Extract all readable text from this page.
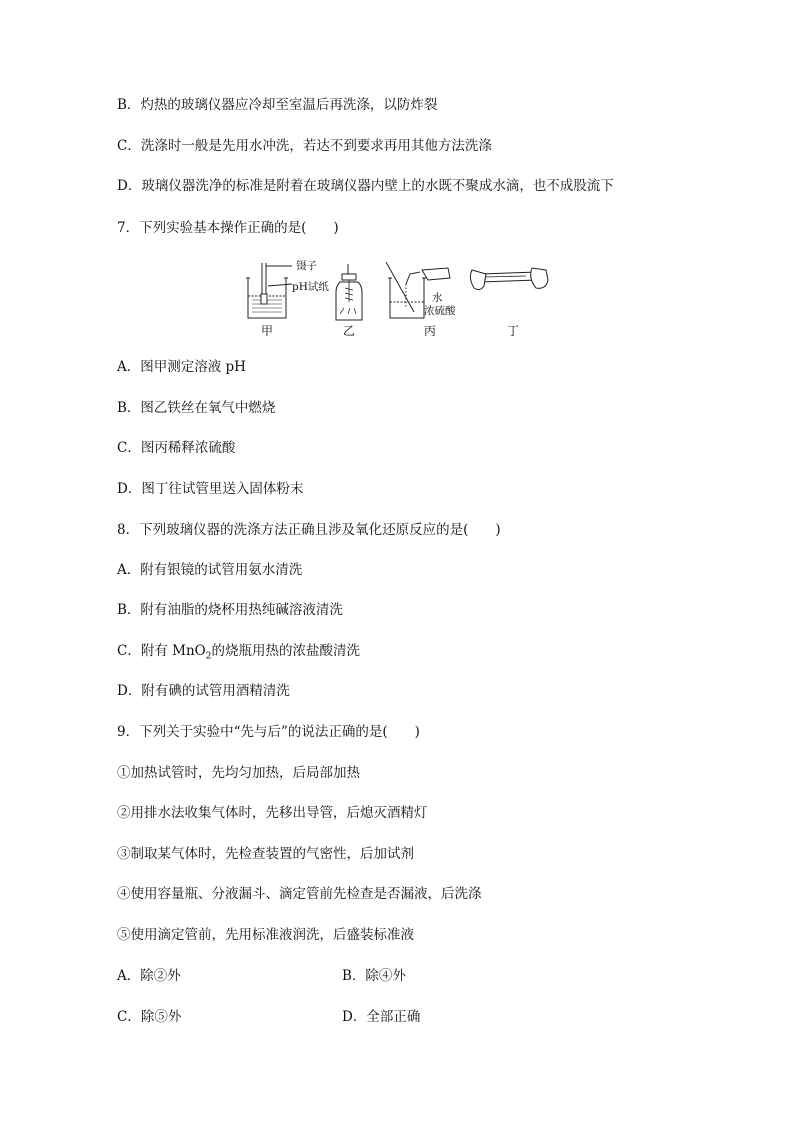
B．灼热的玻璃仪器应冷却至室温后再洗涤，以防炸裂
C．洗涤时一般是先用水冲洗，若达不到要求再用其他方法洗涤
D．玻璃仪器洗净的标准是附着在玻璃仪器内壁上的水既不聚成水滴，也不成股流下
7．下列实验基本操作正确的是(　　)
镊子
pH试纸
水
浓硫酸
甲	乙	丙	丁
A．图甲测定溶液 pH
B．图乙铁丝在氧气中燃烧
C．图丙稀释浓硫酸
D．图丁往试管里送入固体粉末
8．下列玻璃仪器的洗涤方法正确且涉及氧化还原反应的是(　　)
A．附有银镜的试管用氨水清洗
B．附有油脂的烧杯用热纯碱溶液清洗
C．附有 MnO$_2$的烧瓶用热的浓盐酸清洗
D．附有碘的试管用酒精清洗
9．下列关于实验中“先与后”的说法正确的是(　　)
①加热试管时，先均匀加热，后局部加热
②用排水法收集气体时，先移出导管，后熄灭酒精灯
③制取某气体时，先检查装置的气密性，后加试剂
④使用容量瓶、分液漏斗、滴定管前先检查是否漏液，后洗涤
⑤使用滴定管前，先用标准液润洗，后盛装标准液
A．除②外	B．除④外
C．除⑤外	D．全部正确
